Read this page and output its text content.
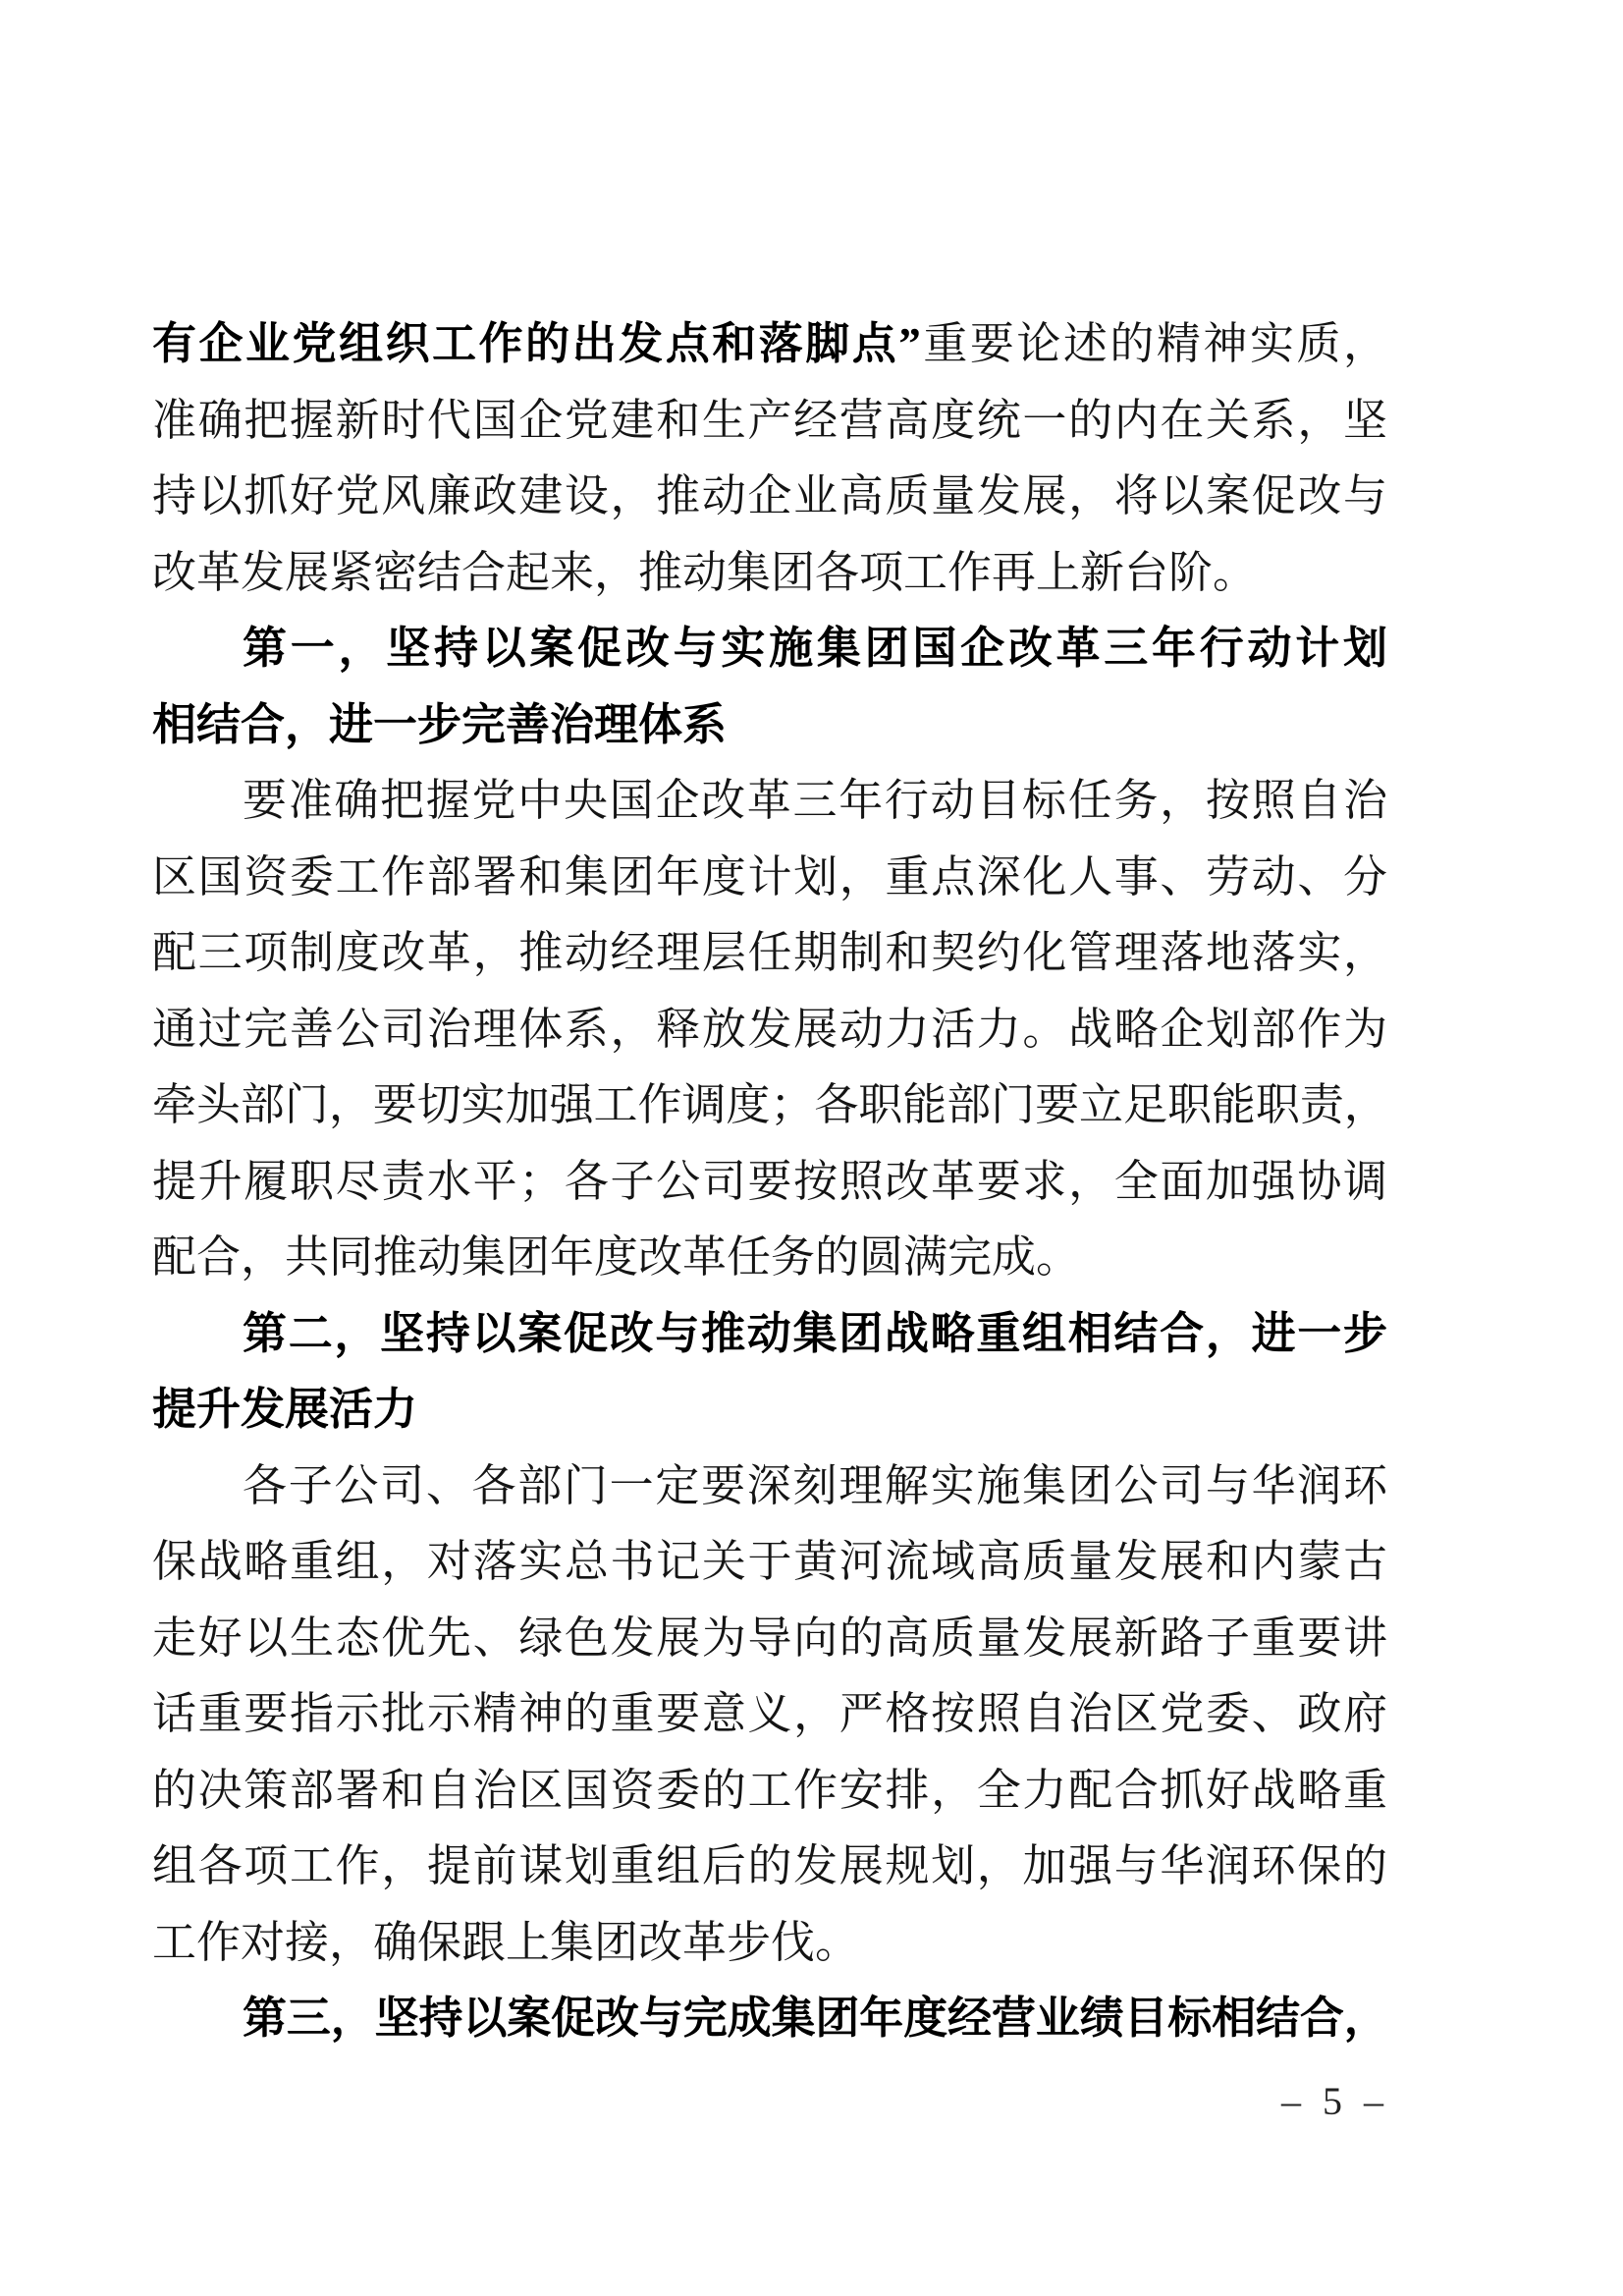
有企业党组织工作的出发点和落脚点”重要论述的精神实质，
准确把握新时代国企党建和生产经营高度统一的内在关系，坚
持以抓好党风廉政建设，推动企业高质量发展，将以案促改与
改革发展紧密结合起来，推动集团各项工作再上新台阶。
第一，坚持以案促改与实施集团国企改革三年行动计划
相结合，进一步完善治理体系
要准确把握党中央国企改革三年行动目标任务，按照自治
区国资委工作部署和集团年度计划，重点深化人事、劳动、分
配三项制度改革，推动经理层任期制和契约化管理落地落实，
通过完善公司治理体系，释放发展动力活力。战略企划部作为
牵头部门，要切实加强工作调度；各职能部门要立足职能职责，
提升履职尽责水平；各子公司要按照改革要求，全面加强协调
配合，共同推动集团年度改革任务的圆满完成。
第二，坚持以案促改与推动集团战略重组相结合，进一步
提升发展活力
各子公司、各部门一定要深刻理解实施集团公司与华润环
保战略重组，对落实总书记关于黄河流域高质量发展和内蒙古
走好以生态优先、绿色发展为导向的高质量发展新路子重要讲
话重要指示批示精神的重要意义，严格按照自治区党委、政府
的决策部署和自治区国资委的工作安排，全力配合抓好战略重
组各项工作，提前谋划重组后的发展规划，加强与华润环保的
工作对接，确保跟上集团改革步伐。
第三，坚持以案促改与完成集团年度经营业绩目标相结合，
– 5 –
